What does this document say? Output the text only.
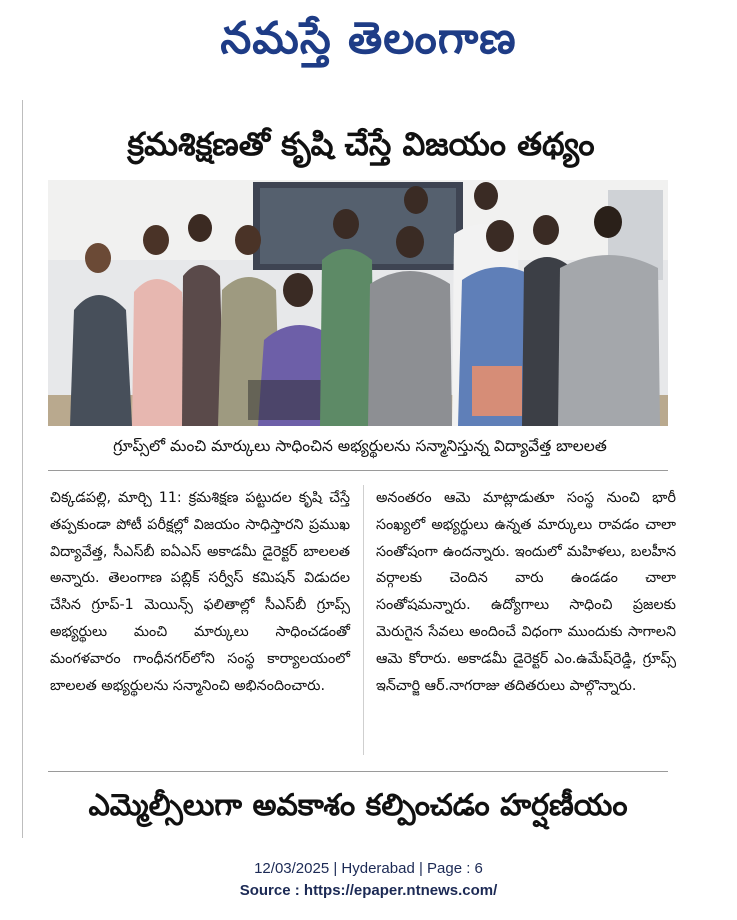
నమస్తే తెలంగాణ
క్రమశిక్షణతో కృషి చేస్తే విజయం తథ్యం
గ్రూప్స్‌లో మంచి మార్కులు సాధించిన అభ్యర్థులను సన్మానిస్తున్న విద్యావేత్త బాలలత

చిక్కడపల్లి, మార్చి 11: క్రమశిక్షణ పట్టుదల కృషి చేస్తే తప్పకుండా పోటీ పరీక్షల్లో విజయం సాధిస్తారని ప్రముఖ విద్యావేత్త, సీఎస్‌బీ ఐఏఎస్ అకాడమీ డైరెక్టర్ బాలలత అన్నారు. తెలంగాణ పబ్లిక్ సర్వీస్ కమిషన్ విడుదల చేసిన గ్రూప్-1 మెయిన్స్ ఫలితాల్లో సీఎస్‌బీ గ్రూప్స్ అభ్యర్థులు మంచి మార్కులు సాధించడంతో మంగళవారం గాంధీనగర్‌లోని సంస్థ కార్యాలయంలో బాలలత అభ్యర్థులను సన్మానించి అభినందించారు.

అనంతరం ఆమె మాట్లాడుతూ సంస్థ నుంచి భారీ సంఖ్యలో అభ్యర్థులు ఉన్నత మార్కులు రావడం చాలా సంతోషంగా ఉందన్నారు. ఇందులో మహిళలు, బలహీన వర్గాలకు చెందిన వారు ఉండడం చాలా సంతోషమన్నారు. ఉద్యోగాలు సాధించి ప్రజలకు మెరుగైన సేవలు అందించే విధంగా ముందుకు సాగాలని ఆమె కోరారు. అకాడమీ డైరెక్టర్ ఎం.ఉమేష్‌రెడ్డి, గ్రూప్స్ ఇన్‌చార్జి ఆర్.నాగరాజు తదితరులు పాల్గొన్నారు.

ఎమ్మెల్సీలుగా అవకాశం కల్పించడం హర్షణీయం
12/03/2025 | Hyderabad | Page : 6
Source : https://epaper.ntnews.com/
